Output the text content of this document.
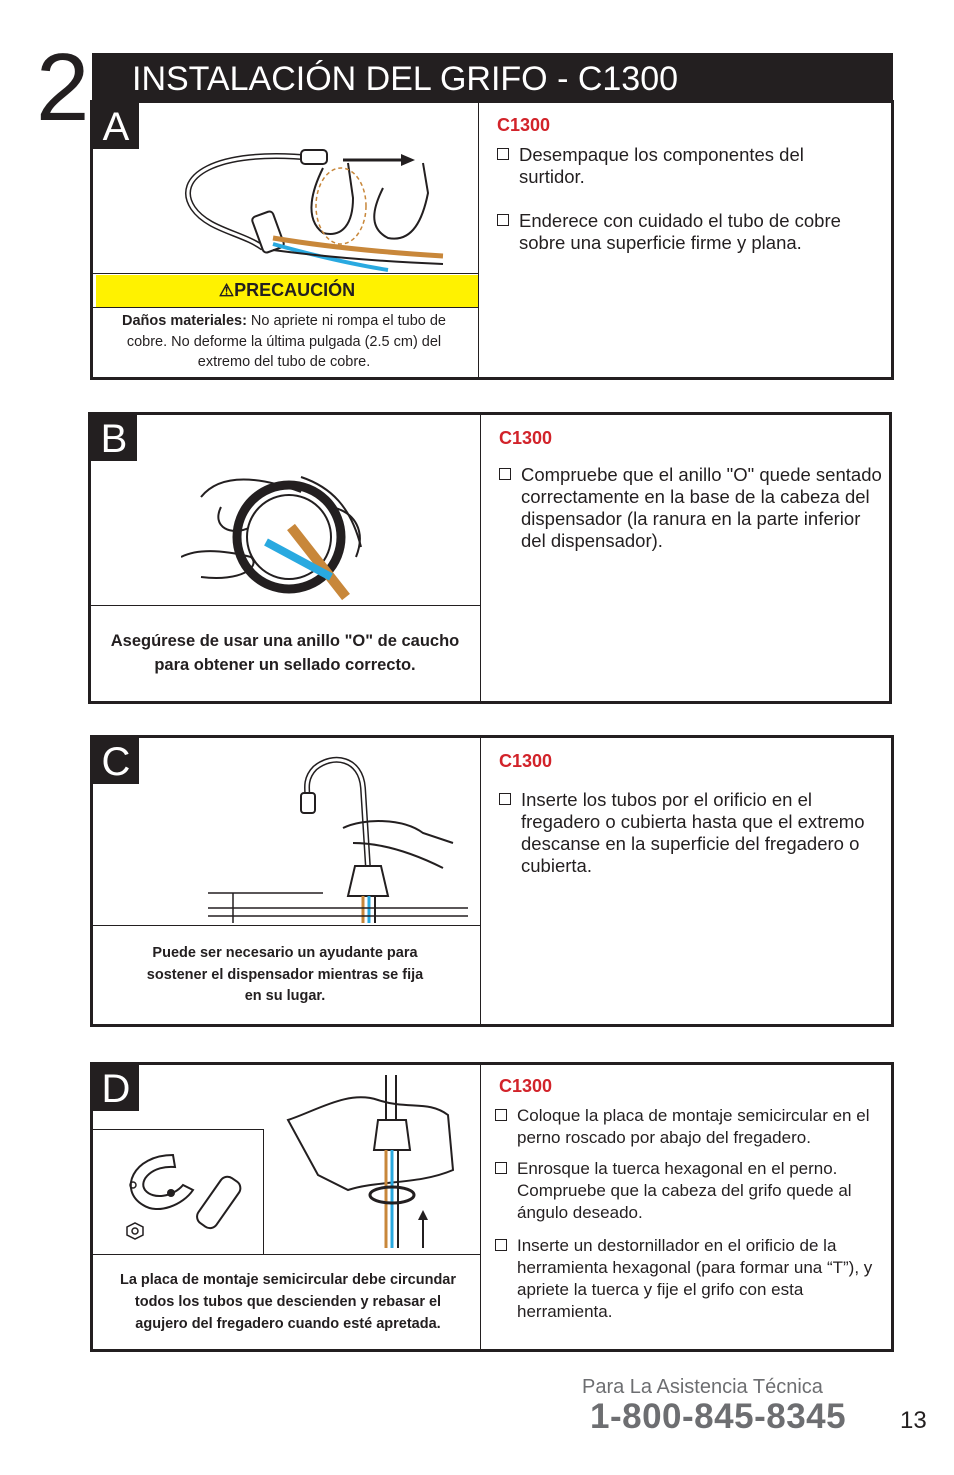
2	INSTALACIÓN DEL GRIFO - C1300
A
⚠PRECAUCIÓN
Daños materiales: No apriete ni rompa el tubo de cobre. No deforme la última pulgada (2.5 cm) del extremo del tubo de cobre.
C1300
Desempaque los componentes del surtidor.
Enderece con cuidado el tubo de cobre sobre una superficie firme y plana.
B
Asegúrese de usar una anillo "O" de caucho para obtener un sellado correcto.
C1300
Compruebe que el anillo "O" quede sentado correctamente en la base de la cabeza del dispensador (la ranura en la parte inferior del dispensador).
C
Puede ser necesario un ayudante para sostener el dispensador mientras se fija en su lugar.
C1300
Inserte los tubos por el orificio en el fregadero o cubierta hasta que el extremo descanse en la superficie del fregadero o cubierta.
D
La placa de montaje semicircular debe circundar todos los tubos que descienden y rebasar el agujero del fregadero cuando esté apretada.
C1300
Coloque la placa de montaje semicircular en el perno roscado por abajo del fregadero.
Enrosque la tuerca hexagonal en el perno. Compruebe que la cabeza del grifo quede al ángulo deseado.
Inserte un destornillador en el orificio de la herramienta hexagonal (para formar una “T”), y apriete la tuerca y fije el grifo con esta herramienta.
Para La Asistencia Técnica
1-800-845-8345 13
